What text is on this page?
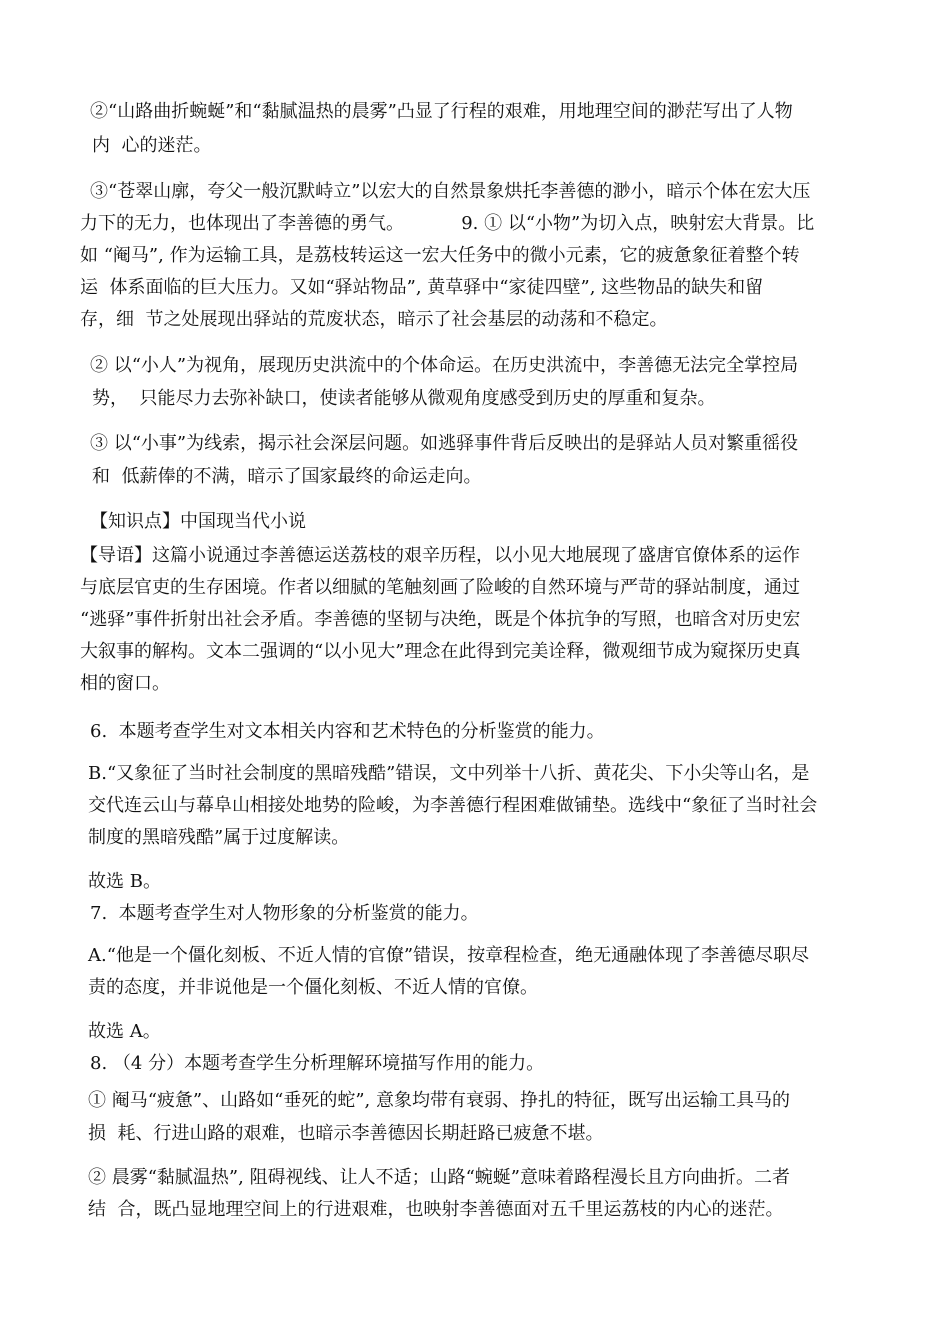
②“山路曲折蜿蜒”和“黏腻温热的晨雾”凸显了行程的艰难，用地理空间的渺茫写出了人物
内  心的迷茫。
③“苍翠山廓，夸父一般沉默峙立”以宏大的自然景象烘托李善德的渺小，暗示个体在宏大压
力下的无力，也体现出了李善德的勇气。          9. ① 以“小物”为切入点，映射宏大背景。比
如 “阉马”, 作为运输工具，是荔枝转运这一宏大任务中的微小元素，它的疲惫象征着整个转
运  体系面临的巨大压力。又如“驿站物品”, 黄草驿中“家徒四壁”, 这些物品的缺失和留
存，细  节之处展现出驿站的荒废状态，暗示了社会基层的动荡和不稳定。
② 以“小人”为视角，展现历史洪流中的个体命运。在历史洪流中，李善德无法完全掌控局
势，  只能尽力去弥补缺口，使读者能够从微观角度感受到历史的厚重和复杂。
③ 以“小事”为线索，揭示社会深层问题。如逃驿事件背后反映出的是驿站人员对繁重徭役
和  低薪俸的不满，暗示了国家最终的命运走向。
【知识点】中国现当代小说
【导语】这篇小说通过李善德运送荔枝的艰辛历程，以小见大地展现了盛唐官僚体系的运作
与底层官吏的生存困境。作者以细腻的笔触刻画了险峻的自然环境与严苛的驿站制度，通过
“逃驿”事件折射出社会矛盾。李善德的坚韧与决绝，既是个体抗争的写照，也暗含对历史宏
大叙事的解构。文本二强调的“以小见大”理念在此得到完美诠释，微观细节成为窥探历史真
相的窗口。
6.  本题考查学生对文本相关内容和艺术特色的分析鉴赏的能力。
B.“又象征了当时社会制度的黑暗残酷”错误，文中列举十八折、黄花尖、下小尖等山名，是
交代连云山与幕阜山相接处地势的险峻，为李善德行程困难做铺垫。选线中“象征了当时社会
制度的黑暗残酷”属于过度解读。
故选 B。
7.  本题考查学生对人物形象的分析鉴赏的能力。
A.“他是一个僵化刻板、不近人情的官僚”错误，按章程检查，绝无通融体现了李善德尽职尽
责的态度，并非说他是一个僵化刻板、不近人情的官僚。
故选 A。
8. （4 分）本题考查学生分析理解环境描写作用的能力。
① 阉马“疲惫”、山路如“垂死的蛇”, 意象均带有衰弱、挣扎的特征，既写出运输工具马的
损  耗、行进山路的艰难，也暗示李善德因长期赶路已疲惫不堪。
② 晨雾“黏腻温热”, 阻碍视线、让人不适；山路“蜿蜒”意味着路程漫长且方向曲折。二者
结  合，既凸显地理空间上的行进艰难，也映射李善德面对五千里运荔枝的内心的迷茫。
